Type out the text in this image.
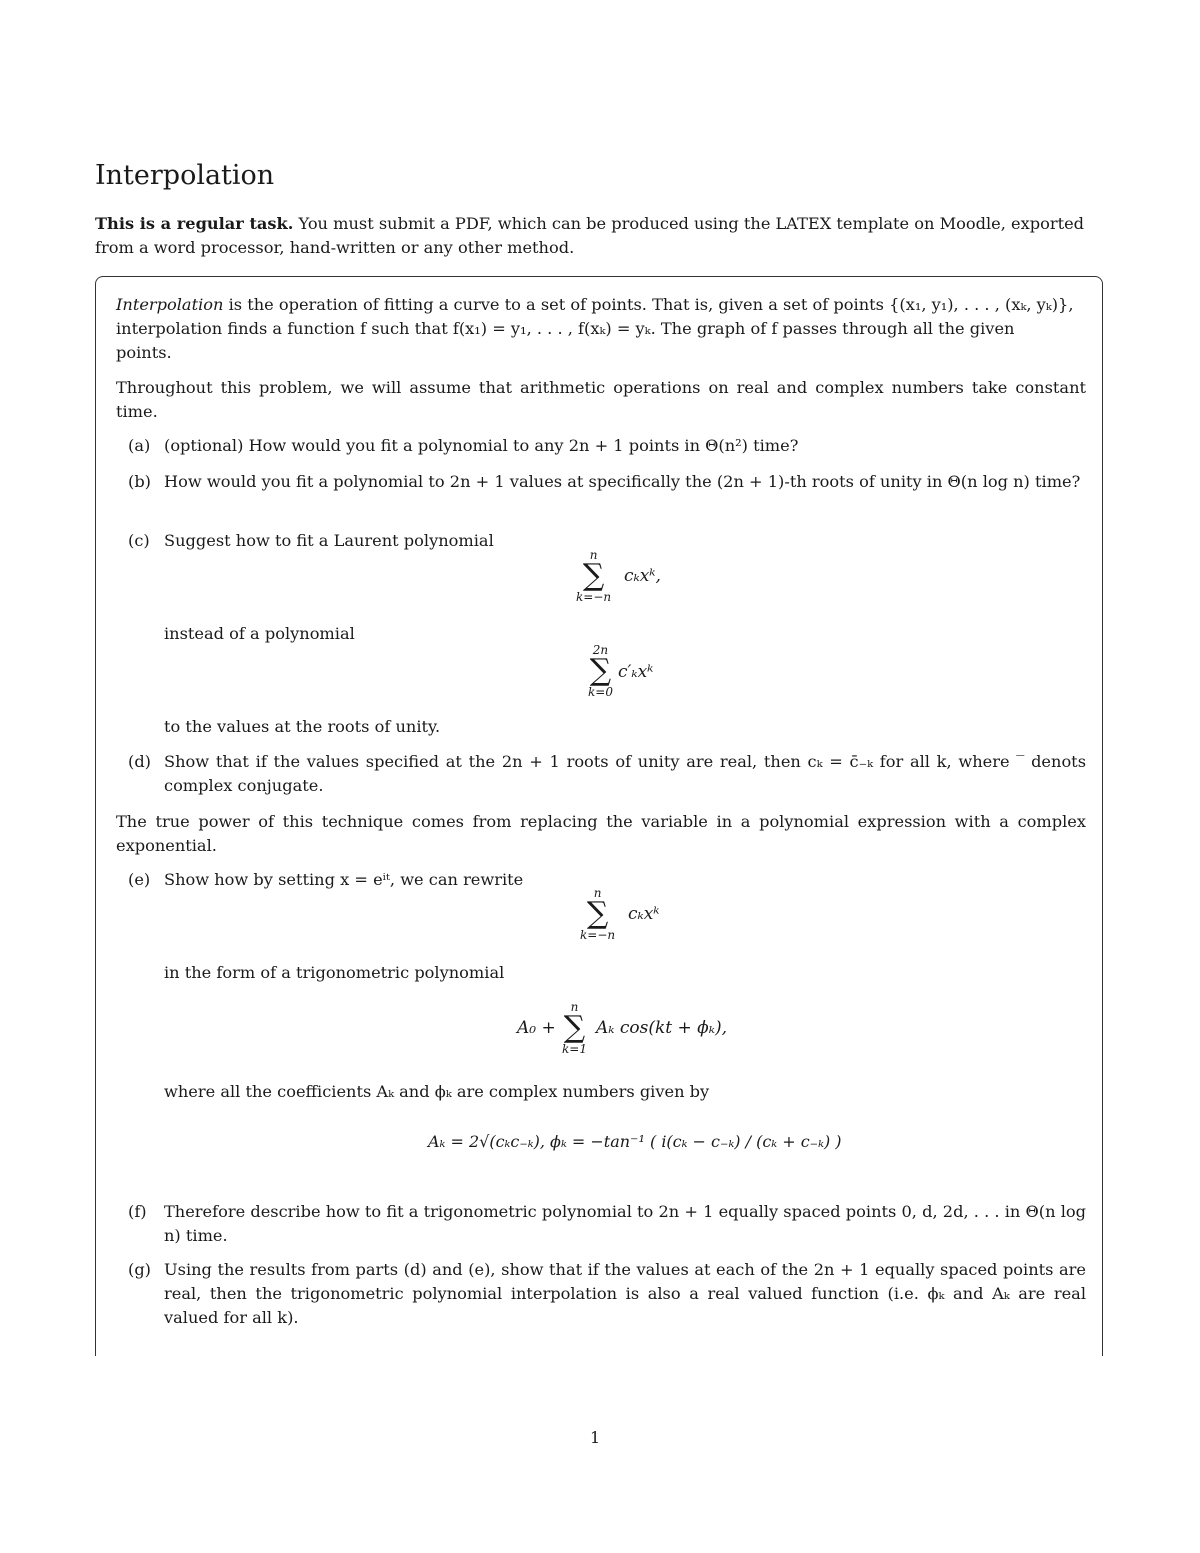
Interpolation

This is a regular task. You must submit a PDF, which can be produced using the LATEX template on Moodle, exported from a word processor, hand-written or any other method.

Interpolation is the operation of fitting a curve to a set of points. That is, given a set of points {(x₁, y₁), . . . , (xₖ, yₖ)},

interpolation finds a function f such that f(x₁) = y₁, . . . , f(xₖ) = yₖ. The graph of f passes through all the given

points.

Throughout this problem, we will assume that arithmetic operations on real and complex numbers take constant time.

(a) (optional) How would you fit a polynomial to any 2n + 1 points in Θ(n²) time?
(b) How would you fit a polynomial to 2n + 1 values at specifically the (2n + 1)-th roots of unity in Θ(n log n) time?
(c) Suggest how to fit a Laurent polynomial
n
∑
k=−n
cₖxᵏ,
instead of a polynomial
2n
∑
k=0
c′ₖxᵏ
to the values at the roots of unity.
(d) Show that if the values specified at the 2n + 1 roots of unity are real, then cₖ = c̄₋ₖ for all k, where ‾ denots complex conjugate.

The true power of this technique comes from replacing the variable in a polynomial expression with a complex exponential.

(e) Show how by setting x = eⁱᵗ, we can rewrite
n
∑
k=−n
cₖxᵏ
in the form of a trigonometric polynomial
A₀ +
n
∑
k=1
Aₖ cos(kt + ϕₖ),
where all the coefficients Aₖ and ϕₖ are complex numbers given by
Aₖ = 2√(cₖc₋ₖ), ϕₖ = −tan⁻¹ ( i(cₖ − c₋ₖ) / (cₖ + c₋ₖ) )
(f) Therefore describe how to fit a trigonometric polynomial to 2n + 1 equally spaced points 0, d, 2d, . . . in Θ(n log n) time.
(g) Using the results from parts (d) and (e), show that if the values at each of the 2n + 1 equally spaced points are real, then the trigonometric polynomial interpolation is also a real valued function (i.e. ϕₖ and Aₖ are real valued for all k).
1
